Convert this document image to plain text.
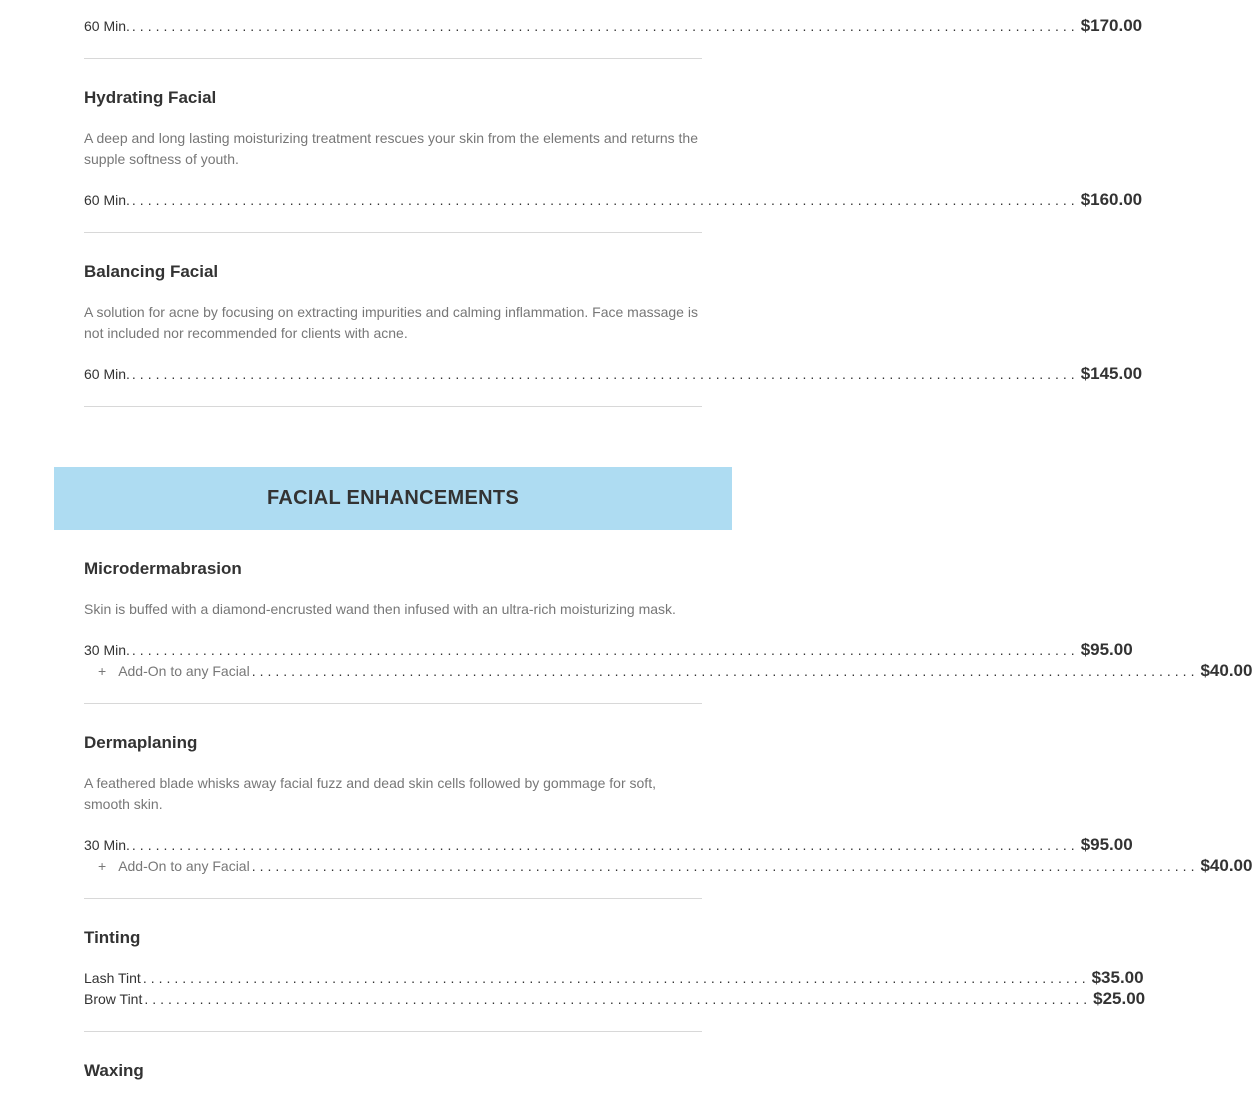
60 Min. ........................................................................................................................ $170.00
Hydrating Facial

A deep and long lasting moisturizing treatment rescues your skin from the elements and returns the supple softness of youth.

60 Min. ........................................................................................................................ $160.00
Balancing Facial

A solution for acne by focusing on extracting impurities and calming inflammation. Face massage is not included nor recommended for clients with acne.

60 Min. ........................................................................................................................ $145.00
FACIAL ENHANCEMENTS
Microdermabrasion

Skin is buffed with a diamond-encrusted wand then infused with an ultra-rich moisturizing mask.

30 Min. ........................................................................................................................ $95.00
+ Add-On to any Facial ........................................................................................................................ $40.00
Dermaplaning

A feathered blade whisks away facial fuzz and dead skin cells followed by gommage for soft, smooth skin.

30 Min. ........................................................................................................................ $95.00
+ Add-On to any Facial ........................................................................................................................ $40.00
Tinting
Lash Tint ........................................................................................................................ $35.00
Brow Tint ........................................................................................................................ $25.00
Waxing
